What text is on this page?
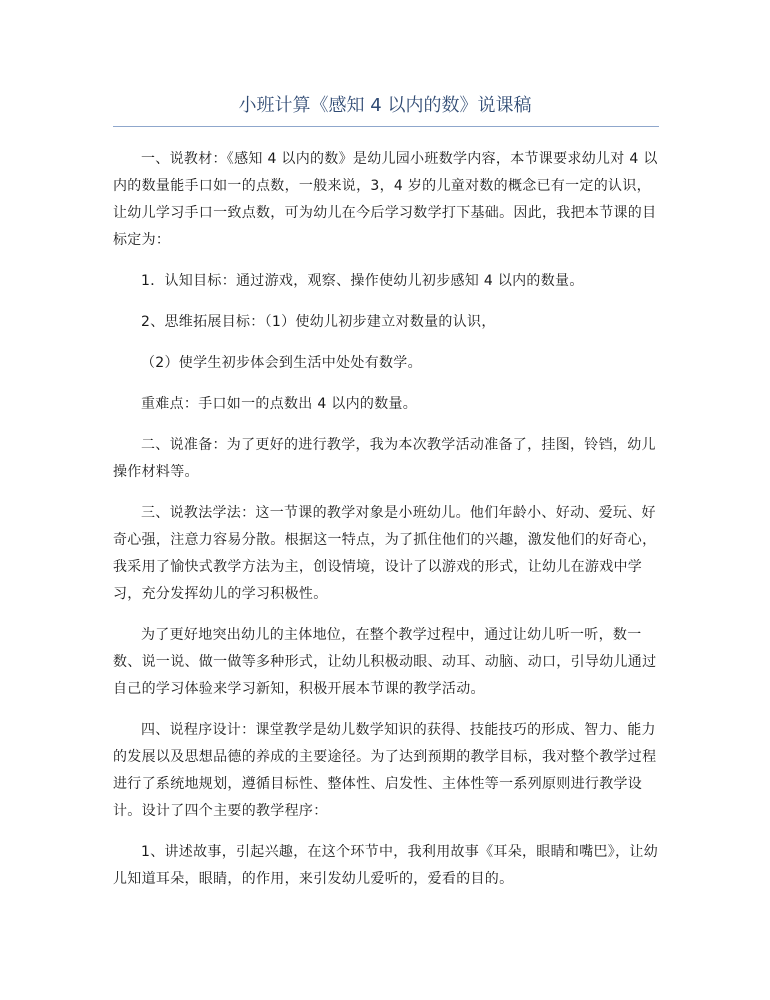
小班计算《感知 4 以内的数》说课稿

一、说教材：《感知 4 以内的数》是幼儿园小班数学内容，本节课要求幼儿对 4 以内的数量能手口如一的点数，一般来说，3，4 岁的儿童对数的概念已有一定的认识，让幼儿学习手口一致点数，可为幼儿在今后学习数学打下基础。因此，我把本节课的目标定为：

1．认知目标：通过游戏，观察、操作使幼儿初步感知 4 以内的数量。

2、思维拓展目标：（1）使幼儿初步建立对数量的认识，

（2）使学生初步体会到生活中处处有数学。

重难点：手口如一的点数出 4 以内的数量。

二、说准备：为了更好的进行教学，我为本次教学活动准备了，挂图，铃铛，幼儿操作材料等。

三、说教法学法：这一节课的教学对象是小班幼儿。他们年龄小、好动、爱玩、好奇心强，注意力容易分散。根据这一特点，为了抓住他们的兴趣，激发他们的好奇心，我采用了愉快式教学方法为主，创设情境，设计了以游戏的形式，让幼儿在游戏中学习，充分发挥幼儿的学习积极性。

为了更好地突出幼儿的主体地位，在整个教学过程中，通过让幼儿听一听，数一数、说一说、做一做等多种形式，让幼儿积极动眼、动耳、动脑、动口，引导幼儿通过自己的学习体验来学习新知，积极开展本节课的教学活动。

四、说程序设计：课堂教学是幼儿数学知识的获得、技能技巧的形成、智力、能力的发展以及思想品德的养成的主要途径。为了达到预期的教学目标，我对整个教学过程进行了系统地规划，遵循目标性、整体性、启发性、主体性等一系列原则进行教学设计。设计了四个主要的教学程序：

1、讲述故事，引起兴趣，在这个环节中，我利用故事《耳朵，眼睛和嘴巴》，让幼儿知道耳朵，眼睛，的作用，来引发幼儿爱听的，爱看的目的。
